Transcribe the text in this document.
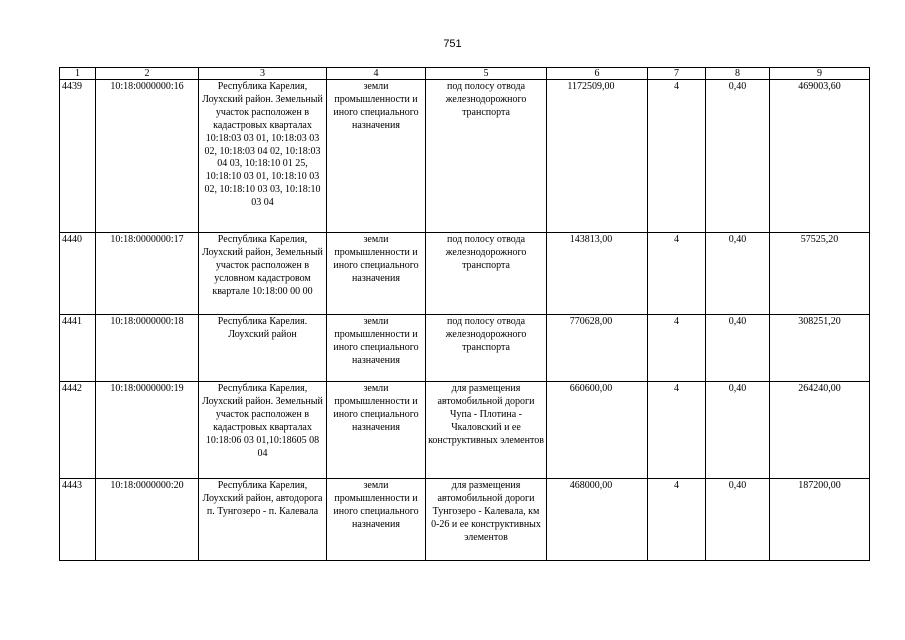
751
1	2	3	4	5	6	7	8	9
4439	10:18:0000000:16	Республика Карелия, Лоухский район. Земельный участок расположен в кадастровых кварталах 10:18:03 03 01, 10:18:03 03 02, 10:18:03 04 02, 10:18:03 04 03, 10:18:10 01 25, 10:18:10 03 01, 10:18:10 03 02, 10:18:10 03 03, 10:18:10 03 04	земли промышленности и иного специального назначения	под полосу отвода железнодорожного транспорта	1172509,00	4	0,40	469003,60
4440	10:18:0000000:17	Республика Карелия, Лоухский район, Земельный участок расположен в условном кадастровом квартале 10:18:00 00 00	земли промышленности и иного специального назначения	под полосу отвода железнодорожного транспорта	143813,00	4	0,40	57525,20
4441	10:18:0000000:18	Республика Карелия. Лоухский район	земли промышленности и иного специального назначения	под полосу отвода железнодорожного транспорта	770628,00	4	0,40	308251,20
4442	10:18:0000000:19	Республика Карелия, Лоухский район. Земельный участок расположен в кадастровых кварталах 10:18:06 03 01,10:18605 08 04	земли промышленности и иного специального назначения	для размещения автомобильной дороги Чупа - Плотина - Чкаловский и ее конструктивных элементов	660600,00	4	0,40	264240,00
4443	10:18:0000000:20	Республика Карелия, Лоухский район, автодорога п. Тунгозеро - п. Калевала	земли промышленности и иного специального назначения	для размещения автомобильной дороги Тунгозеро - Калевала, км 0-26 и ее конструктивных элементов	468000,00	4	0,40	187200,00
